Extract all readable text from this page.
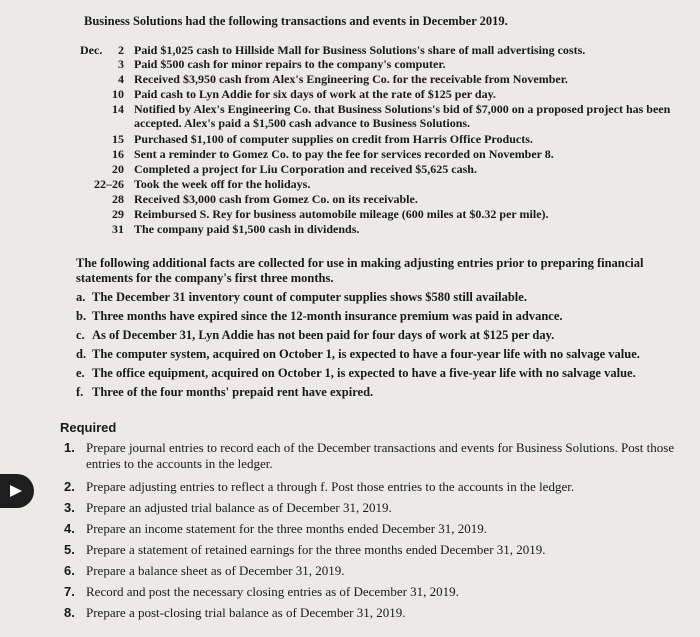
Business Solutions had the following transactions and events in December 2019.
Dec.	2 Paid $1,025 cash to Hillside Mall for Business Solutions's share of mall advertising costs.
3 Paid $500 cash for minor repairs to the company's computer.
4 Received $3,950 cash from Alex's Engineering Co. for the receivable from November.
10 Paid cash to Lyn Addie for six days of work at the rate of $125 per day.
14 Notified by Alex's Engineering Co. that Business Solutions's bid of $7,000 on a proposed project has been accepted. Alex's paid a $1,500 cash advance to Business Solutions.
15 Purchased $1,100 of computer supplies on credit from Harris Office Products.
16 Sent a reminder to Gomez Co. to pay the fee for services recorded on November 8.
20 Completed a project for Liu Corporation and received $5,625 cash.
22–26 Took the week off for the holidays.
28 Received $3,000 cash from Gomez Co. on its receivable.
29 Reimbursed S. Rey for business automobile mileage (600 miles at $0.32 per mile).
31 The company paid $1,500 cash in dividends.
The following additional facts are collected for use in making adjusting entries prior to preparing financial statements for the company's first three months.
a. The December 31 inventory count of computer supplies shows $580 still available.
b. Three months have expired since the 12-month insurance premium was paid in advance.
c. As of December 31, Lyn Addie has not been paid for four days of work at $125 per day.
d. The computer system, acquired on October 1, is expected to have a four-year life with no salvage value.
e. The office equipment, acquired on October 1, is expected to have a five-year life with no salvage value.
f. Three of the four months' prepaid rent have expired.
Required
1. Prepare journal entries to record each of the December transactions and events for Business Solutions. Post those entries to the accounts in the ledger.
2. Prepare adjusting entries to reflect a through f. Post those entries to the accounts in the ledger.
3. Prepare an adjusted trial balance as of December 31, 2019.
4. Prepare an income statement for the three months ended December 31, 2019.
5. Prepare a statement of retained earnings for the three months ended December 31, 2019.
6. Prepare a balance sheet as of December 31, 2019.
7. Record and post the necessary closing entries as of December 31, 2019.
8. Prepare a post-closing trial balance as of December 31, 2019.
